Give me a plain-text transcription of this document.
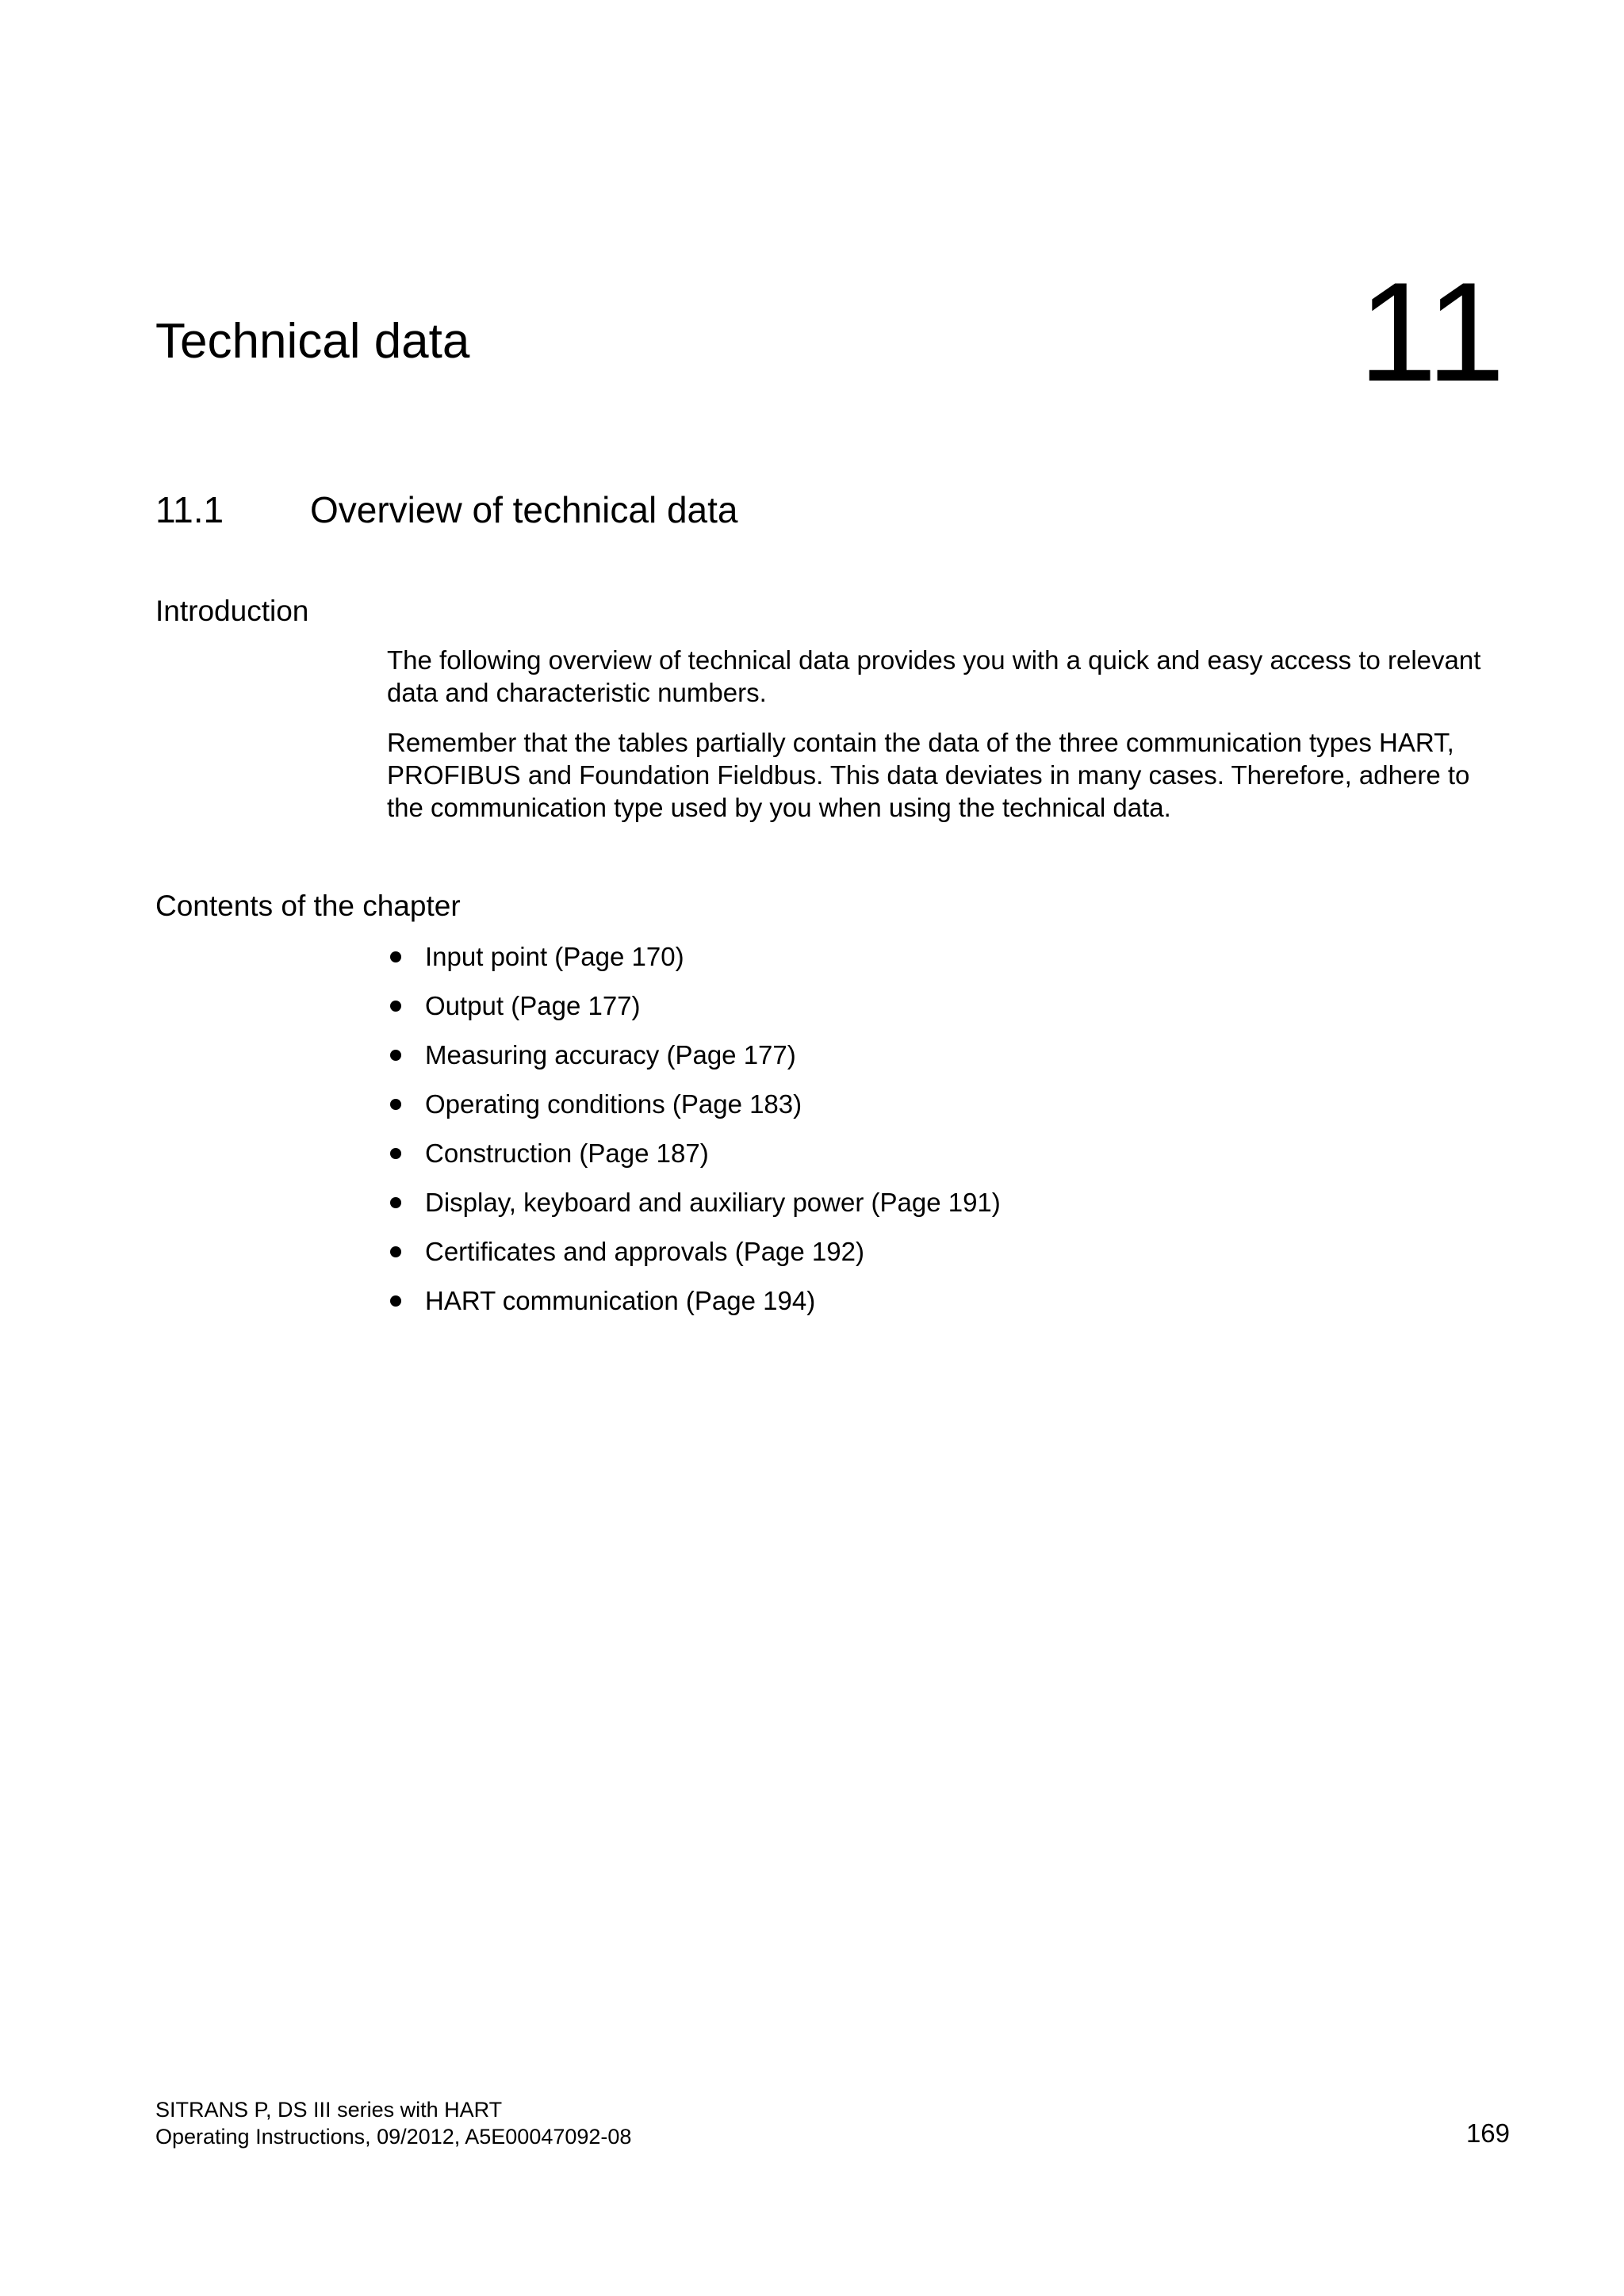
Technical data	11
11.1	Overview of technical data
Introduction

The following overview of technical data provides you with a quick and easy access to relevant data and characteristic numbers.

Remember that the tables partially contain the data of the three communication types HART, PROFIBUS and Foundation Fieldbus. This data deviates in many cases. Therefore, adhere to the communication type used by you when using the technical data.

Contents of the chapter
Input point (Page 170)
Output (Page 177)
Measuring accuracy (Page 177)
Operating conditions (Page 183)
Construction (Page 187)
Display, keyboard and auxiliary power (Page 191)
Certificates and approvals (Page 192)
HART communication (Page 194)
SITRANS P, DS III series with HART
Operating Instructions, 09/2012, A5E00047092-08	169
